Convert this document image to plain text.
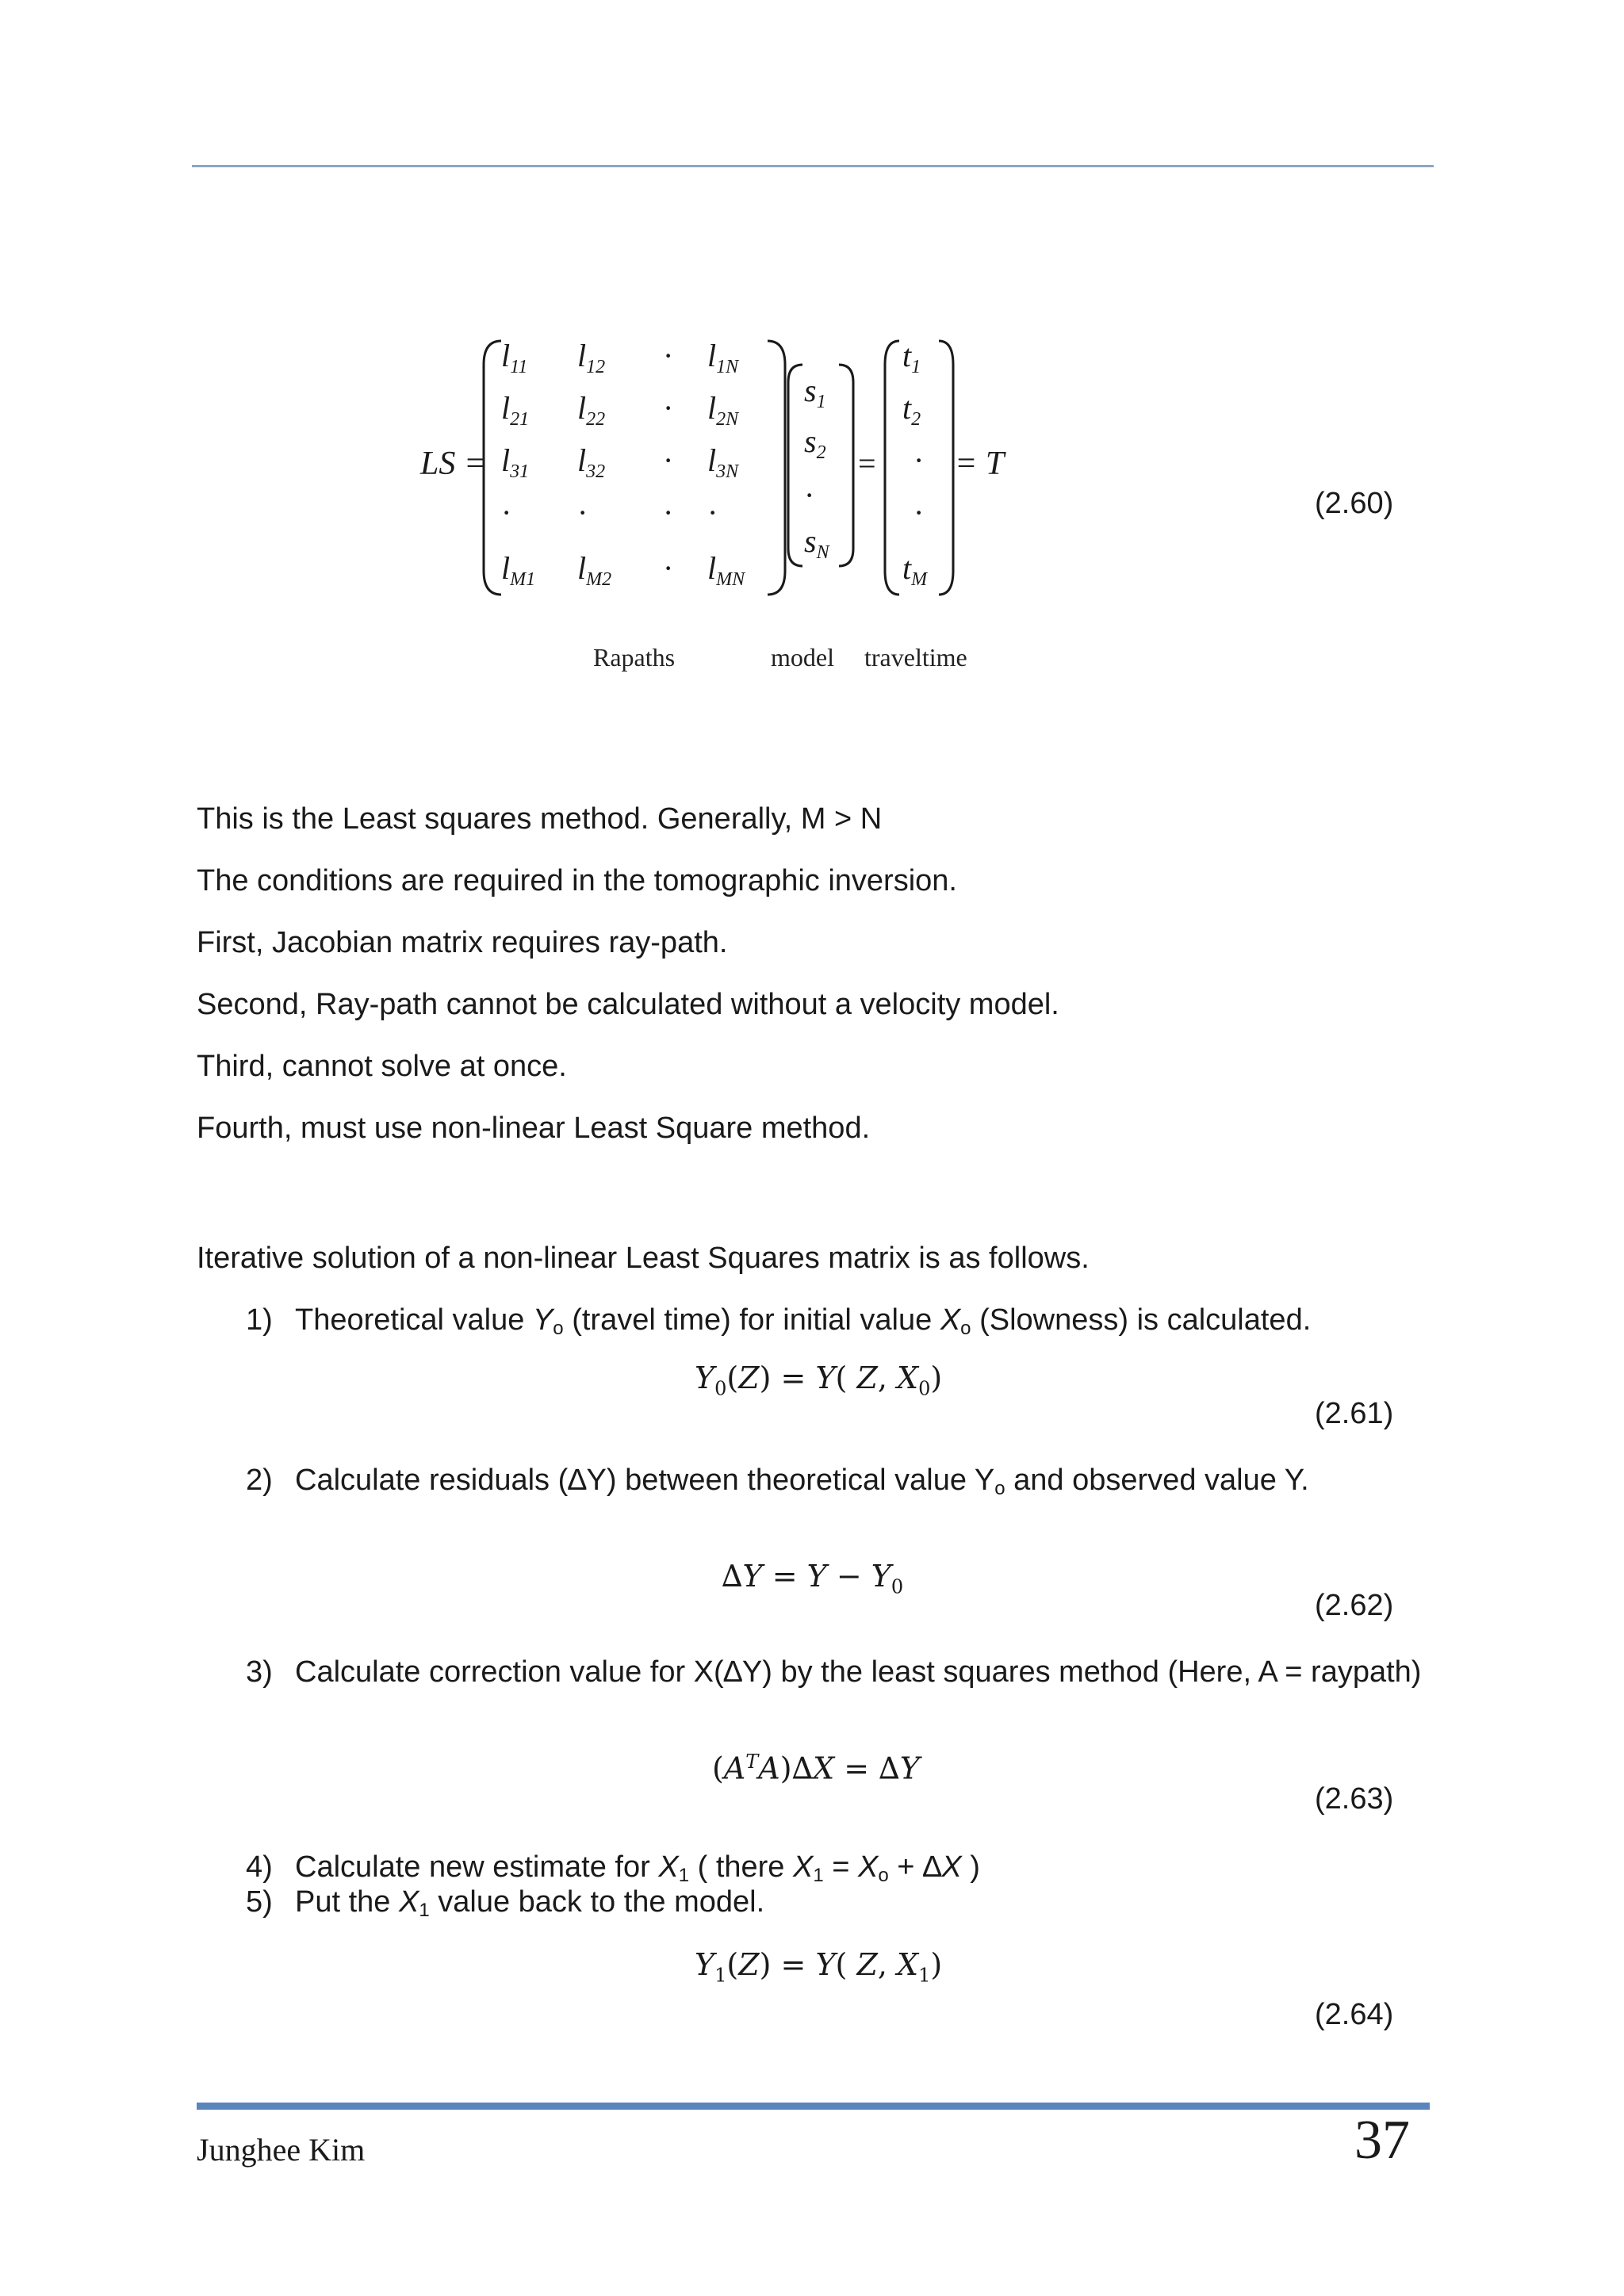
LS =
l11 l12 · l1N
l21 l22 · l2N
l31 l32 · l3N
· · · ·
lM1 lM2 · lMN
s1
s2
·
sN
=
t1
t2
·
·
tM
= T
Rapaths	model traveltime
(2.60)
This is the Least squares method. Generally, M > N
The conditions are required in the tomographic inversion.
First, Jacobian matrix requires ray-path.
Second, Ray-path cannot be calculated without a velocity model.
Third, cannot solve at once.
Fourth, must use non-linear Least Square method.
Iterative solution of a non-linear Least Squares matrix is as follows.
1) Theoretical value $Y_o$ (travel time) for initial value $X_o$ (Slowness) is calculated.
$Y_0(Z) = Y$( Z, $X_0$)
(2.61)
2) Calculate residuals (∆Y) between theoretical value $Y_o$ and observed value Y.
$\Delta Y = Y - Y_0$
(2.62)
3) Calculate correction value for X(∆Y) by the least squares method (Here, A = raypath)
$(A^TA)\Delta X = \Delta Y$
(2.63)
4) Calculate new estimate for $X_1$ ( there $X_1 = X_o + \Delta X$ )
5) Put the $X_1$ value back to the model.
$Y_1(Z) = Y$( Z, $X_1$)
(2.64)
Junghee Kim	37
